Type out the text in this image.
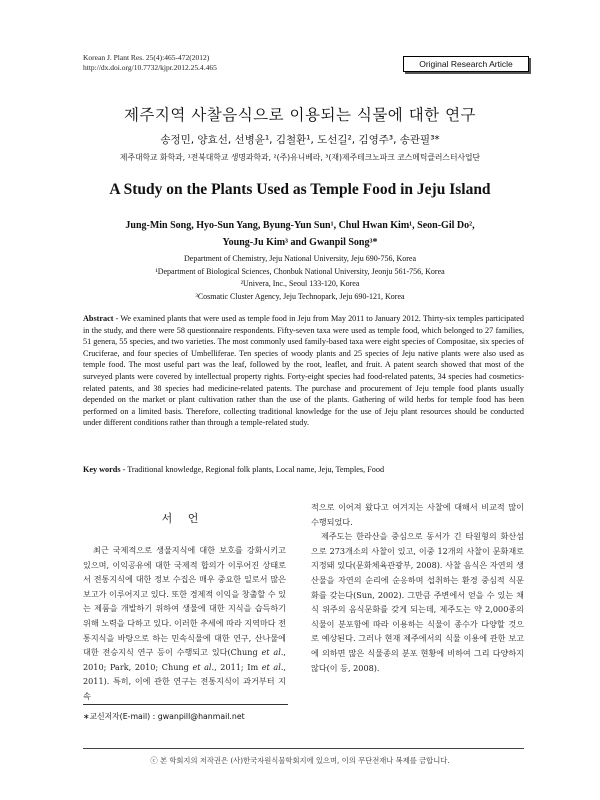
Korean J. Plant Res. 25(4):465-472(2012)
http://dx.doi.org/10.7732/kjpr.2012.25.4.465	Original Research Article
제주지역 사찰음식으로 이용되는 식물에 대한 연구
송정민, 양효선, 선병윤¹, 김철환¹, 도선길², 김영주³, 송관필³*
제주대학교 화학과, ¹전북대학교 생명과학과, ²(주)유니베라, ³(재)제주테크노파크 코스메틱클러스터사업단
A Study on the Plants Used as Temple Food in Jeju Island
Jung-Min Song, Hyo-Sun Yang, Byung-Yun Sun¹, Chul Hwan Kim¹, Seon-Gil Do²,
Young-Ju Kim³ and Gwanpil Song³*
Department of Chemistry, Jeju National University, Jeju 690-756, Korea
¹Department of Biological Sciences, Chonbuk National University, Jeonju 561-756, Korea
²Univera, Inc., Seoul 133-120, Korea
³Cosmatic Cluster Agency, Jeju Technopark, Jeju 690-121, Korea
Abstract - We examined plants that were used as temple food in Jeju from May 2011 to January 2012. Thirty-six temples participated in the study, and there were 58 questionnaire respondents. Fifty-seven taxa were used as temple food, which belonged to 27 families, 51 genera, 55 species, and two varieties. The most commonly used family-based taxa were eight species of Compositae, six species of Cruciferae, and four species of Umbelliferae. Ten species of woody plants and 25 species of Jeju native plants were also used as temple food. The most useful part was the leaf, followed by the root, leaflet, and fruit. A patent search showed that most of the surveyed plants were covered by intellectual property rights. Forty-eight species had food-related patents, 34 species had cosmetics-related patents, and 38 species had medicine-related patents. The purchase and procurement of Jeju temple food plants usually depended on the market or plant cultivation rather than the use of the plants. Gathering of wild herbs for temple food has been performed on a limited basis. Therefore, collecting traditional knowledge for the use of Jeju plant resources should be conducted under different conditions rather than through a temple-related study.
Key words - Traditional knowledge, Regional folk plants, Local name, Jeju, Temples, Food
서 언

최근 국제적으로 생물지식에 대한 보호를 강화시키고 있으며, 이익공유에 대한 국제적 합의가 이루어진 상태로서 전통지식에 대한 정보 수집은 매우 중요한 일로서 많은 보고가 이루어지고 있다. 또한 경제적 이익을 창출할 수 있는 제품을 개발하기 위하여 생물에 대한 지식을 습득하기 위해 노력을 다하고 있다. 이러한 추세에 따라 지역마다 전통지식을 바탕으로 하는 민속식물에 대한 연구, 산나물에 대한 전승지식 연구 등이 수행되고 있다(Chung et al., 2010; Park, 2010; Chung et al., 2011; Im et al., 2011). 특히, 이에 관한 연구는 전통지식이 과거부터 지속

적으로 이어져 왔다고 여겨지는 사찰에 대해서 비교적 많이 수행되었다.

제주도는 한라산을 중심으로 동서가 긴 타원형의 화산섬으로 273개소의 사찰이 있고, 이중 12개의 사찰이 문화재로 지정돼 있다(문화체육관광부, 2008). 사찰 음식은 자연의 생산물을 자연의 순리에 순응하며 섭취하는 환경 중심적 식문화를 갖는다(Sun, 2002). 그만큼 주변에서 얻을 수 있는 채식 위주의 음식문화를 갖게 되는데, 제주도는 약 2,000종의 식물이 분포함에 따라 이용하는 식물이 종수가 다양할 것으로 예상된다. 그러나 현재 제주에서의 식물 이용에 관한 보고에 의하면 많은 식물종의 분포 현황에 비하여 그리 다양하지 않다(이 등, 2008).

∗교신저자(E-mail) : gwanpill@hanmail.net
ⓒ 본 학회지의 저작권은 (사)한국자원식물학회지에 있으며, 이의 무단전재나 복제를 금합니다.
